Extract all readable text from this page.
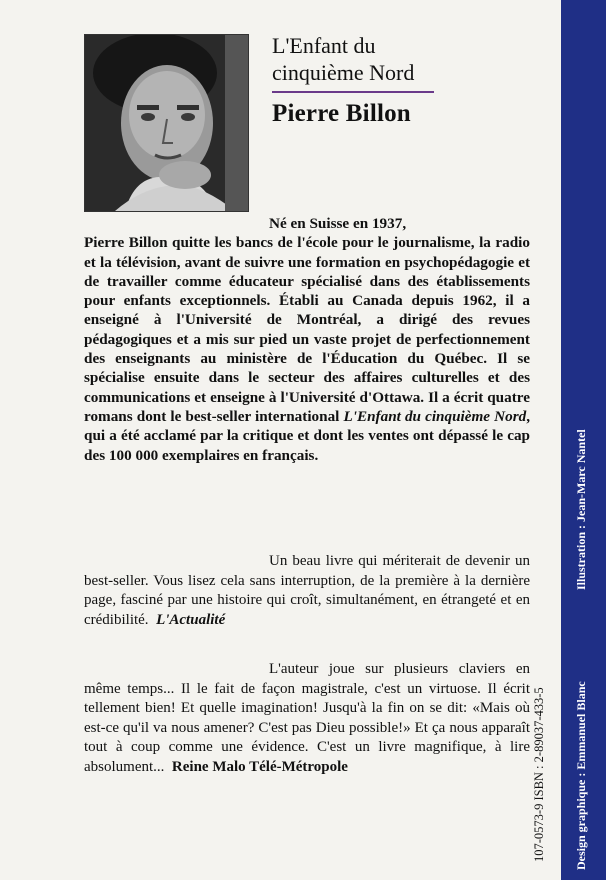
L'Enfant du
cinquième Nord
Pierre Billon

Né en Suisse en 1937,
Pierre Billon quitte les bancs de l'école pour le journalisme, la radio et la télévision, avant de suivre une formation en psychopédagogie et de travailler comme éducateur spécialisé dans des établissements pour enfants exceptionnels. Établi au Canada depuis 1962, il a enseigné à l'Université de Montréal, a dirigé des revues pédagogiques et a mis sur pied un vaste projet de perfectionnement des enseignants au ministère de l'Éducation du Québec. Il se spécialise ensuite dans le secteur des affaires culturelles et des communications et enseigne à l'Université d'Ottawa. Il a écrit quatre romans dont le best-seller international L'Enfant du cinquième Nord, qui a été acclamé par la critique et dont les ventes ont dépassé le cap des 100 000 exemplaires en français.

Un beau livre qui mériterait de devenir un best-seller. Vous lisez cela sans interruption, de la première à la dernière page, fasciné par une histoire qui croît, simultanément, en étrangeté et en crédibilité. L'Actualité

L'auteur joue sur plusieurs claviers en même temps... Il le fait de façon magistrale, c'est un virtuose. Il écrit tellement bien! Et quelle imagination! Jusqu'à la fin on se dit: «Mais où est-ce qu'il va nous amener? C'est pas Dieu possible!» Et ça nous apparaît tout à coup comme une évidence. C'est un livre magnifique, à lire absolument... Reine Malo Télé-Métropole	107-0573-9 ISBN : 2-89037-433-5 Design graphique : Emmanuel Blanc
Illustration : Jean-Marc Nantel
